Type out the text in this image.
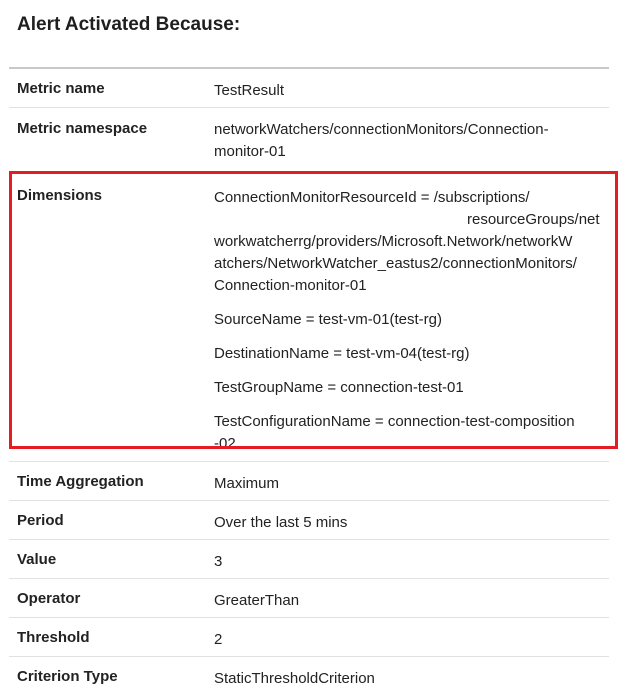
Alert Activated Because:
Metric name	TestResult
Metric namespace	networkWatchers/connectionMonitors/Connection-
monitor-01
Dimensions	ConnectionMonitorResourceId = /subscriptions/
resourceGroups/net
workwatcherrg/providers/Microsoft.Network/networkW
atchers/NetworkWatcher_eastus2/connectionMonitors/
Connection-monitor-01
SourceName = test-vm-01(test-rg)
DestinationName = test-vm-04(test-rg)
TestGroupName = connection-test-01
TestConfigurationName = connection-test-composition
-02
Time Aggregation	Maximum
Period	Over the last 5 mins
Value	3
Operator	GreaterThan
Threshold	2
Criterion Type	StaticThresholdCriterion
